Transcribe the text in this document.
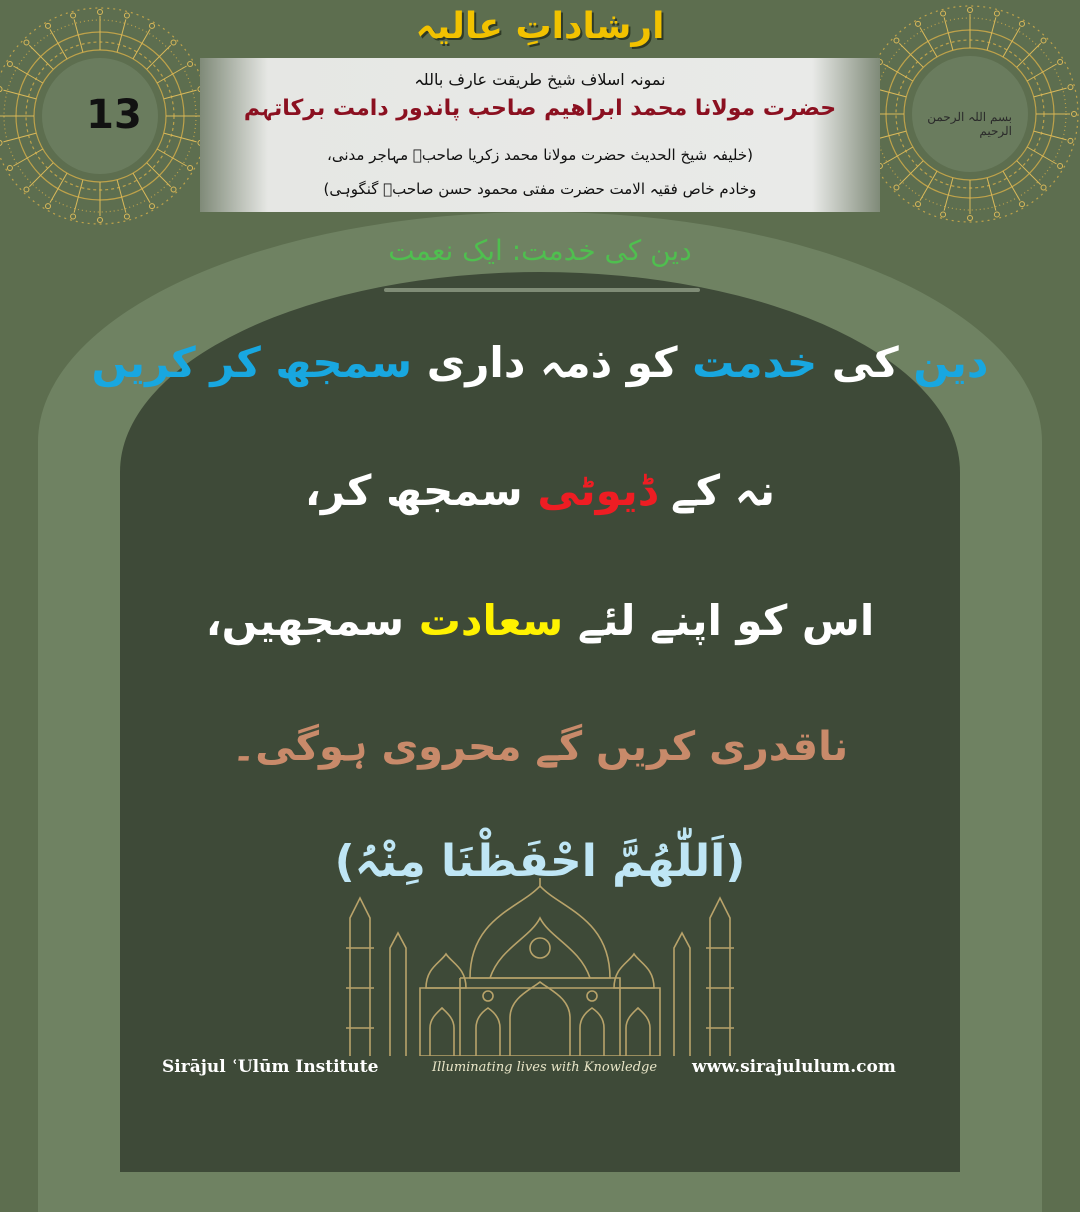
ارشاداتِ عالیہ
13	بسم اللہ الرحمن الرحیم
نمونہ اسلاف شیخ طریقت عارف باللہ
حضرت مولانا محمد ابراھیم صاحب پاندور دامت برکاتہم
(خلیفہ شیخ الحدیث حضرت مولانا محمد زکریا صاحبؒ مہاجر مدنی،
وخادم خاص فقیہ الامت حضرت مفتی محمود حسن صاحبؒ گنگوہی)
دین کی خدمت: ایک نعمت
دین کی خدمت کو ذمہ داری سمجھ کر کریں
نہ کے ڈیوٹی سمجھ کر،
اس کو اپنے لئے سعادت سمجھیں،
ناقدری کریں گے محروی ہوگی۔
(اَللّٰھُمَّ احْفَظْنَا مِنْہُ)
Sirājul ʿUlūm Institute	Illuminating lives with Knowledge www.sirajululum.com
